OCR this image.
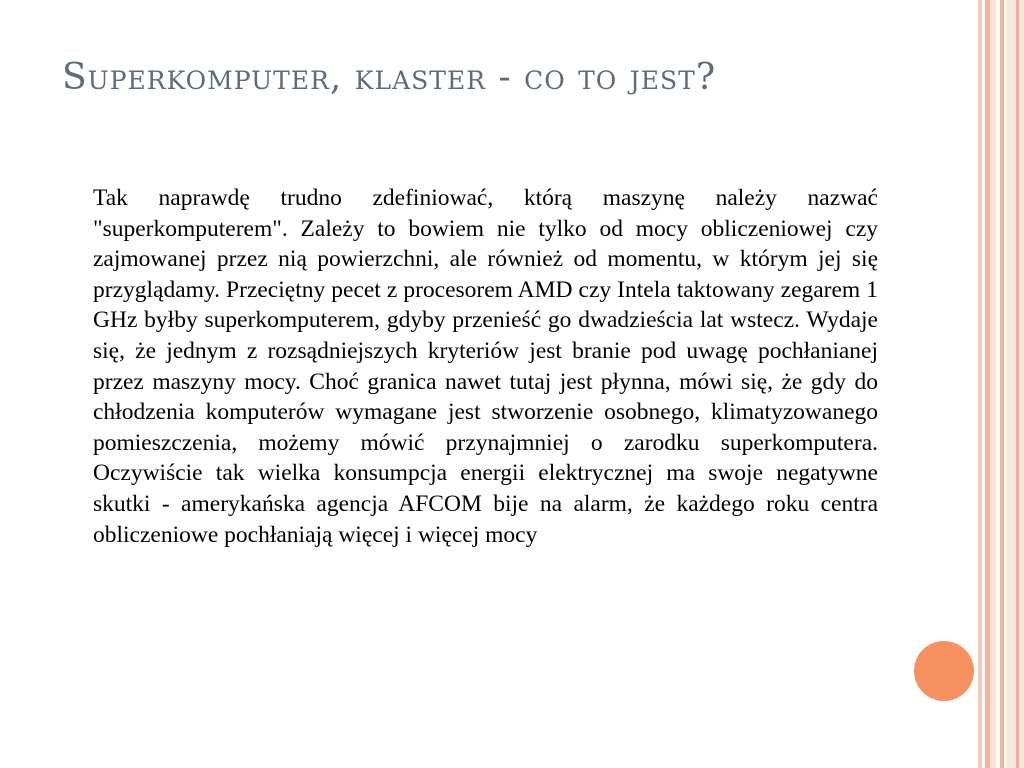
Superkomputer, klaster - co to jest?

Tak naprawdę trudno zdefiniować, którą maszynę należy nazwać "superkomputerem". Zależy to bowiem nie tylko od mocy obliczeniowej czy zajmowanej przez nią powierzchni, ale również od momentu, w którym jej się przyglądamy. Przeciętny pecet z procesorem AMD czy Intela taktowany zegarem 1 GHz byłby superkomputerem, gdyby przenieść go dwadzieścia lat wstecz. Wydaje się, że jednym z rozsądniejszych kryteriów jest branie pod uwagę pochłanianej przez maszyny mocy. Choć granica nawet tutaj jest płynna, mówi się, że gdy do chłodzenia komputerów wymagane jest stworzenie osobnego, klimatyzowanego pomieszczenia, możemy mówić przynajmniej o zarodku superkomputera. Oczywiście tak wielka konsumpcja energii elektrycznej ma swoje negatywne skutki - amerykańska agencja AFCOM bije na alarm, że każdego roku centra obliczeniowe pochłaniają więcej i więcej mocy
